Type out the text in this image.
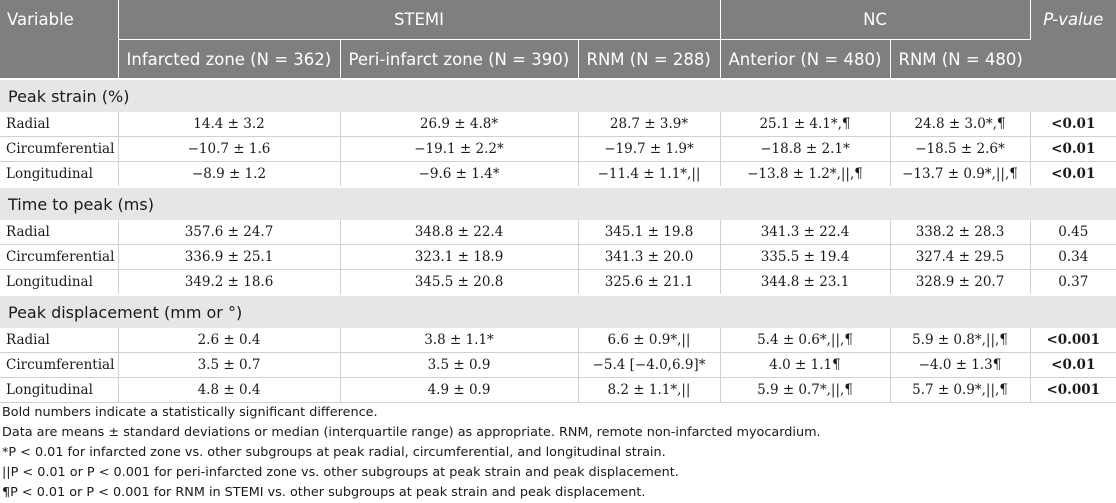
Variable	STEMI			NC		P-value
	Infarcted zone (N = 362)	Peri-infarct zone (N = 390)	RNM (N = 288)	Anterior (N = 480)	RNM (N = 480)	
Peak strain (%)						
Radial	14.4 ± 3.2	26.9 ± 4.8*	28.7 ± 3.9*	25.1 ± 4.1*,¶	24.8 ± 3.0*,¶	<0.01
Circumferential	−10.7 ± 1.6	−19.1 ± 2.2*	−19.7 ± 1.9*	−18.8 ± 2.1*	−18.5 ± 2.6*	<0.01
Longitudinal	−8.9 ± 1.2	−9.6 ± 1.4*	−11.4 ± 1.1*,||	−13.8 ± 1.2*,||,¶	−13.7 ± 0.9*,||,¶	<0.01
Time to peak (ms)						
Radial	357.6 ± 24.7	348.8 ± 22.4	345.1 ± 19.8	341.3 ± 22.4	338.2 ± 28.3	0.45
Circumferential	336.9 ± 25.1	323.1 ± 18.9	341.3 ± 20.0	335.5 ± 19.4	327.4 ± 29.5	0.34
Longitudinal	349.2 ± 18.6	345.5 ± 20.8	325.6 ± 21.1	344.8 ± 23.1	328.9 ± 20.7	0.37
Peak displacement (mm or °)						
Radial	2.6 ± 0.4	3.8 ± 1.1*	6.6 ± 0.9*,||	5.4 ± 0.6*,||,¶	5.9 ± 0.8*,||,¶	<0.001
Circumferential	3.5 ± 0.7	3.5 ± 0.9	−5.4 [−4.0,6.9]*	4.0 ± 1.1¶	−4.0 ± 1.3¶	<0.01
Longitudinal	4.8 ± 0.4	4.9 ± 0.9	8.2 ± 1.1*,||	5.9 ± 0.7*,||,¶	5.7 ± 0.9*,||,¶	<0.001
Bold numbers indicate a statistically significant difference.
Data are means ± standard deviations or median (interquartile range) as appropriate. RNM, remote non-infarcted myocardium.
*P < 0.01 for infarcted zone vs. other subgroups at peak radial, circumferential, and longitudinal strain.
||P < 0.01 or P < 0.001 for peri-infarcted zone vs. other subgroups at peak strain and peak displacement.
¶P < 0.01 or P < 0.001 for RNM in STEMI vs. other subgroups at peak strain and peak displacement.
